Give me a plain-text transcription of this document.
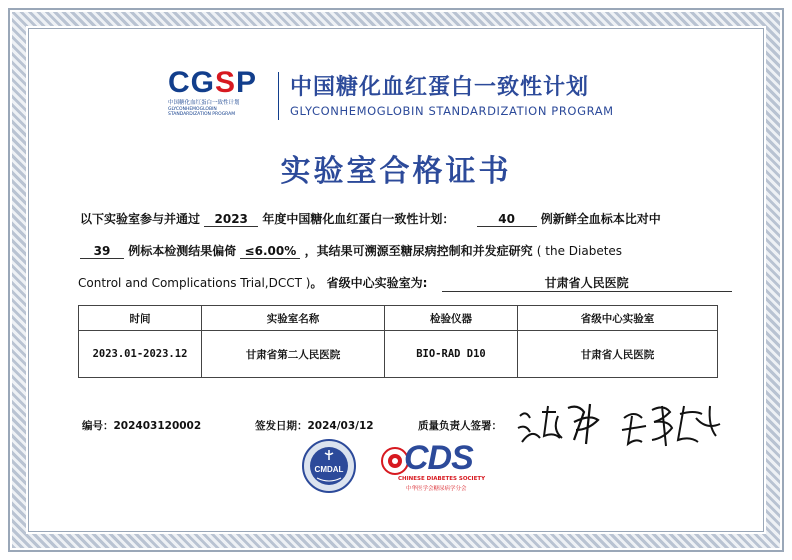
CGSP
中国糖化血红蛋白一致性计划
GLYCONHEMOGLOBIN
STANDARDIZATION PROGRAM
中国糖化血红蛋白一致性计划
GLYCONHEMOGLOBIN STANDARDIZATION PROGRAM
实验室合格证书
以下实验室参与并通过 2023 年度中国糖化血红蛋白一致性计划：	40 例新鲜全血标本比对中
39 例标本检测结果偏倚 ≤6.00% ，其结果可溯源至糖尿病控制和并发症研究 ( the Diabetes
Control and Complications Trial,DCCT )。 省级中心实验室为:	甘肃省人民医院
时间	实验室名称	检验仪器	省级中心实验室
2023.01-2023.12	甘肃省第二人民医院	BIO-RAD D10	甘肃省人民医院
编号：202403120002	签发日期：2024/03/12	质量负责人签署：
CMDAL CDS
CHINESE DIABETES SOCIETY
中华医学会糖尿病学分会
